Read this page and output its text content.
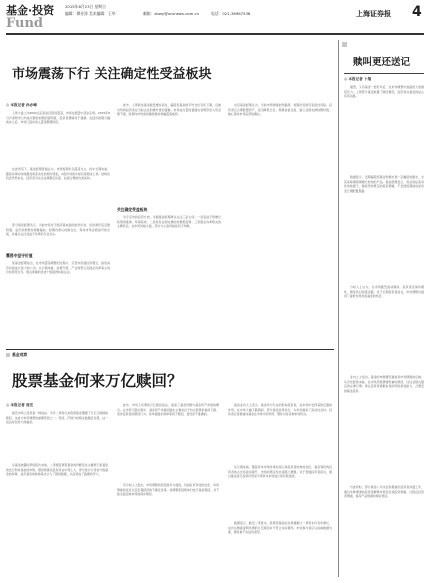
基金·投资
Fund
2015年8月23日 星期日
编辑：谭业涛 美术编辑：王华	邮箱：zbwy@xcsnews.com.cn	电话：021-38967538	上海证券报 4
市场震荡下行 关注确定性受益板块
◎ 本报记者 孙亦峰
上周大盘上冲4000点后高位回落而震荡，市场在缩量中逐步走弱。2015年8月沪深两市日均成交额较前期回落明显，投资者情绪趋于谨慎。在经历前期大幅波动之后，市场已逐步进入震荡整理阶段。
在此背景下，基金经理普遍认为，市场短期仍以震荡为主，但中长期来看，随着改革的持续推进和流动性的相对宽松，A股市场的中枢有望稳步上移。结构性机会仍然存在，投资者可关注业绩确定性高、估值合理的优质板块。
部分基金经理表示，当前市场对于经济基本面的担忧仍存，但政策托底意愿较强，货币政策维持稳健偏松。短期内建议控制仓位，等待市场企稳信号的出现，并重点关注受益于改革的行业龙头。
震荡中坚守价值
某基金经理指出，在市场震荡调整的过程中，应坚持价值投资理念，挑选具有持续成长能力的公司。从长期来看，消费升级、产业转型以及国企改革等主线仍将贯穿全年，相关领域的优质个股值得持续关注。
此外，上周新发基金数量维持高位，偏股型基金的平均仓位有所下降，反映出机构投资者在当前点位的操作更加谨慎。市场成交量的萎缩也表明资金入场意愿不强，短期内市场或将继续维持宽幅震荡格局。
关注确定受益板块
对于后市的投资方向，多数基金经理建议关注三条主线：一是受益于稳增长政策的基建、环保板块；二是具有业绩支撑的消费类蓝筹；三是国企改革相关的主题机会。在市场风格方面，预计大小盘风格将趋于均衡。
也有基金经理认为，当前市场情绪依然偏弱，短期仍需防范系统性风险。投资者应合理配置资产，适当降低仓位，规避估值过高、缺乏业绩支撑的题材股，耐心等待市场底部的确认。
赎叫更还送记
◎ 本报记者 卜翔
据悉，又有基金一经好年后，在市场调整中面临较大的赎回压力。上周部分基金披露了赎回情况，投资者对基金的信心有所动摇。
数据显示，近期偏股型基金份额出现一定幅度的缩水，尤其是前期规模增长较快的产品。基金经理表示，将在保证流动性的前提下，继续坚持既定的投资策略，不会因短期波动而改变长期配置思路。
分析人士认为，在市场剧烈波动期间，投资者宜保持理性，避免盲目追涨杀跌。对于长期投资者而言，市场调整也提供了逢低布局优质基金的机会。
业内人士指出，基金的申赎情况通常是市场情绪的反映。从历史经验来看，在市场恐慌情绪较重时赎回，往往会错失随后的反弹行情。建议投资者根据自身的风险承受能力，合理安排基金投资。
与此同时，部分基金公司也在积极做好投资者沟通工作，通过多种渠道向投资者解释市场变化和投资策略，以稳定投资者情绪，保持产品规模的相对稳定。
基金观察
股票基金何来万亿赎回？
◎ 本报记者 周宏
最近市场上流传着一种说法：今年二季度以来股票基金遭遇了万亿元规模的赎回，这成为市场调整的重要原因之一。然而，仔细分析相关数据后发现，这一说法存在较大的偏差。
从基金披露的季度报告来看，二季度股票型基金的份额变化主要源于新基金的发行和老基金的申购，赎回规模远没有传言中那么大。部分统计口径将分级基金的折算、货币基金的转换等也计入了赎回数据，从而造成了数据的夸大。
此外，市场上所谓的万亿赎回说法，混淆了基金份额与基金资产净值的概念。在市场下跌过程中，基金资产净值的缩水主要来自于持仓股票价格的下跌，而非投资者的赎回行为。将净值缩水简单等同于赎回，显然是不准确的。
有分析人士指出，市场调整的原因是多方面的，包括杠杆资金的去化、市场情绪的变化以及宏观经济的不确定性等。将调整原因简单归结于基金赎回，并不能全面反映市场的真实情况。
基金业内人士表示，基金作为专业的机构投资者，在市场中发挥着稳定器的作用。在市场大幅下跌期间，部分基金逆势加仓，为市场提供了流动性支持。投资者应客观看待基金在市场中的作用，理性对待各种市场传言。
从长期来看，随着资本市场改革的深入和投资者结构的优化，基金等机构投资者的占比将逐步提升，市场的稳定性也将随之增强。对于普通投资者而言，通过基金进行投资仍然是分享资本市场成长的有效途径。
数据显示，截至二季度末，股票型基金的总规模相比一季度末仍有所增长，这也从侧面说明所谓的万亿赎回并不符合实际情况。市场参与者应以权威数据为准，避免被不实信息误导。
